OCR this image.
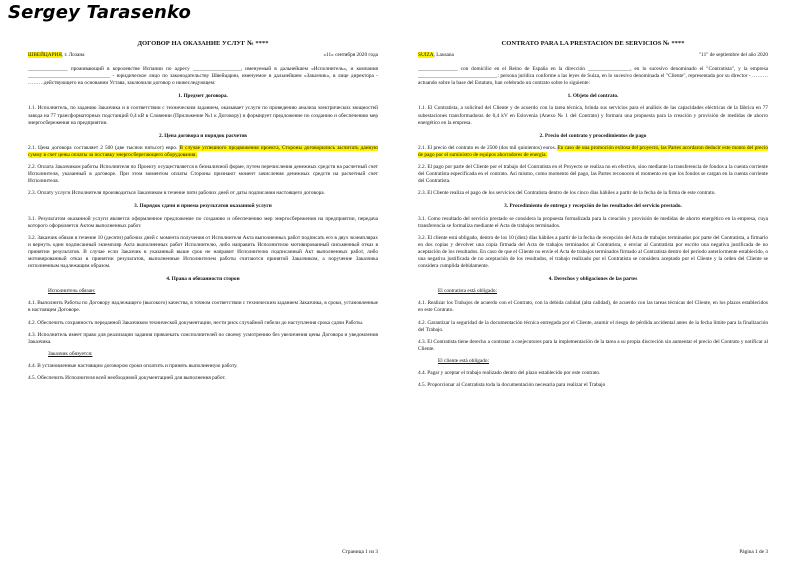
Sergey Tarasenko
ДОГОВОР НА ОКАЗАНИЕ УСЛУГ № ****
ШВЕЙЦАРИЯ, г. Лозана	«11» сентября 2020 года

_______________ проживающий в королевстве Испании по адресу __________________, именуемый в дальнейшем «Исполнитель», и компания _______________________________ - юридическое лицо по законодательству Швейцарии, именуемое в дальнейшем «Заказчик», в лице директора - ………действующего на основании Устава, заключили договор о нижеследующем:

1. Предмет договора.

1.1. Исполнитель, по заданию Заказчика и в соответствии с техническим заданием, оказывает услуги по проведению анализа электрических мощностей завода на 77 трансформаторных подстанций 0,4 кВ в Словении (Приложение №1 к Договору) и формирует предложение по созданию и обеспечению мер энергосбережения на предприятии.

2. Цена договора и порядок расчетов

2.1. Цена договора составляет 2 500 (две тысячи пятьсот) евро. В случае успешного продвижения проекта, Стороны договорились засчитать данную сумму в счет цены оплаты за поставку энергосберегающего оборудования.

2.2. Оплата Заказчиком работы Исполнителя по Проекту осуществляется в безналичной форме, путем перечисления денежных средств на расчетный счет Исполнителя, указанный в договоре. При этом моментом оплаты Стороны признают момент зачисления денежных средств на расчетный счет Исполнителя.

2.3. Оплату услуги Исполнителя производиться Заказчиком в течение пяти рабочих дней от даты подписания настоящего договора.

3. Порядок сдачи и приема результатов оказанной услуги

3.1. Результатом оказанной услуги является оформленное предложение по созданию и обеспечению мер энергосбережения на предприятии, передача которого оформляется Актом выполненных работ.

3.2. Заказчик обязан в течение 10 (десяти) рабочих дней с момента получения от Исполнителя Акта выполненных работ подписать его в двух экземплярах и вернуть один подписанный экземпляр Акта выполненных работ Исполнителю, либо направить Исполнителю мотивированный письменный отказ в принятии результатов. В случае если Заказчик в указанный выше срок не направит Исполнителю подписанный Акт выполненных работ, либо мотивированный отказ в принятии результатов, выполненные Исполнителем работы считаются принятой Заказчиком, а поручение Заказчика исполненным надлежащим образом.

4. Права и обязанности сторон
Исполнитель обязан:

4.1. Выполнить Работы по Договору надлежащего (высокого) качества, в точном соответствии с техническим заданием Заказчика, в сроки, установленные в настоящем Договоре.

4.2. Обеспечить сохранность переданной Заказчиком технической документации, нести риск случайной гибели до наступления срока сдачи Работы.

4.3. Исполнитель имеет право для реализации задания привлекать соисполнителей по своему усмотрению без увеличения цены Договора и уведомления Заказчика.

Заказчик обязуется:

4.4. В установленные настоящим договором сроки оплатить и принять выполненную работу.

4.5. Обеспечить Исполнителя всей необходимой документацией для выполнения работ.

Страница 1 из 3
CONTRATO PARA LA PRESTACIÓN DE SERVICIOS № ****
SUIZA, Lausana	"11" de septiembre del año 2020

_______________ con domicilio en el Reino de España en la dirección ________________, en lo sucesivo denominado el "Contratista", y la empresa ______________________________: persona jurídica conforme a las leyes de Suiza, en lo sucesivo denominada el "Cliente", representada por su director - ……… actuando sobre la base del Estatuto, han celebrado un contrato sobre lo siguiente:

1. Objeto del contrato.

1.1. El Contratista, a solicitud del Cliente y de acuerdo con la tarea técnica, brinda sus servicios para el análisis de las capacidades eléctricas de la fábrica en 77 subestaciones transformadoras de 0,4 kV en Eslovenia (Anexo № 1 del Contrato) y formara una propuesta para la creación y provisión de medidas de ahorro energético en la empresa.

2. Precio del contrato y procedimientos de pago

2.1. El precio del contrato es de 2500 (dos mil quinientos) euros. En caso de una promoción exitosa del proyecto, las Partes acordaron deducir este monto del precio de pago por el suministro de equipos ahorradores de energía.

2.2. El pago por parte del Cliente por el trabajo del Contratista en el Proyecto se realiza no en efectivo, sino mediante la transferencia de fondos a la cuenta corriente del Contratista especificada en el contrato. Así mismo, como momento del pago, las Partes reconocen el momento en que los fondos se cargan en la cuenta corriente del Contratista.

2.3. El Cliente realiza el pago de los servicios del Contratista dentro de los cinco días hábiles a partir de la fecha de la firma de este contrato.

3. Procedimiento de entrega y recepción de los resultados del servicio prestado.

3.1. Como resultado del servicio prestado se considera la propuesta formalizada para la creación y provisión de medidas de ahorro energético en la empresa, cuya transferencia se formaliza mediante el Acta de trabajos terminados.

3.2. El cliente está obligado, dentro de los 10 (diez) días hábiles a partir de la fecha de recepción del Acta de trabajos terminados por parte del Contratista, a firmarlo en dos copias y devolver una copia firmada del Acta de trabajos terminados al Contratista, o enviar al Contratista por escrito una negativa justificada de no aceptación de los resultados. En caso de que el Cliente no envíe el Acta de trabajos terminados firmado al Contratista dentro del período anteriormente establecido, o una negativa justificada de no aceptación de los resultados, el trabajo realizado por el Contratista se considera aceptado por el Cliente y la orden del Cliente se considera cumplida debidamente.

4. Derechos y obligaciones de las partes
El contratista está obligado:

4.1. Realizar los Trabajos de acuerdo con el Contrato, con la debida calidad (alta calidad), de acuerdo con las tareas técnicas del Cliente, en los plazos establecidos en este Contrato.

4.2. Garantizar la seguridad de la documentación técnica entregada por el Cliente, asumir el riesgo de pérdida accidental antes de la fecha límite para la finalización del Trabajo.

4.3. El Contratista tiene derecho a contratar a coejecutores para la implementación de la tarea a su propia discreción sin aumentar el precio del Contrato y notificar al Cliente.

El cliente está obligado:

4.4. Pagar y aceptar el trabajo realizado dentro del plazo establecido por este contrato.

4.5. Proporcionar al Contratista toda la documentación necesaria para realizar el Trabajo

Página 1 de 3
